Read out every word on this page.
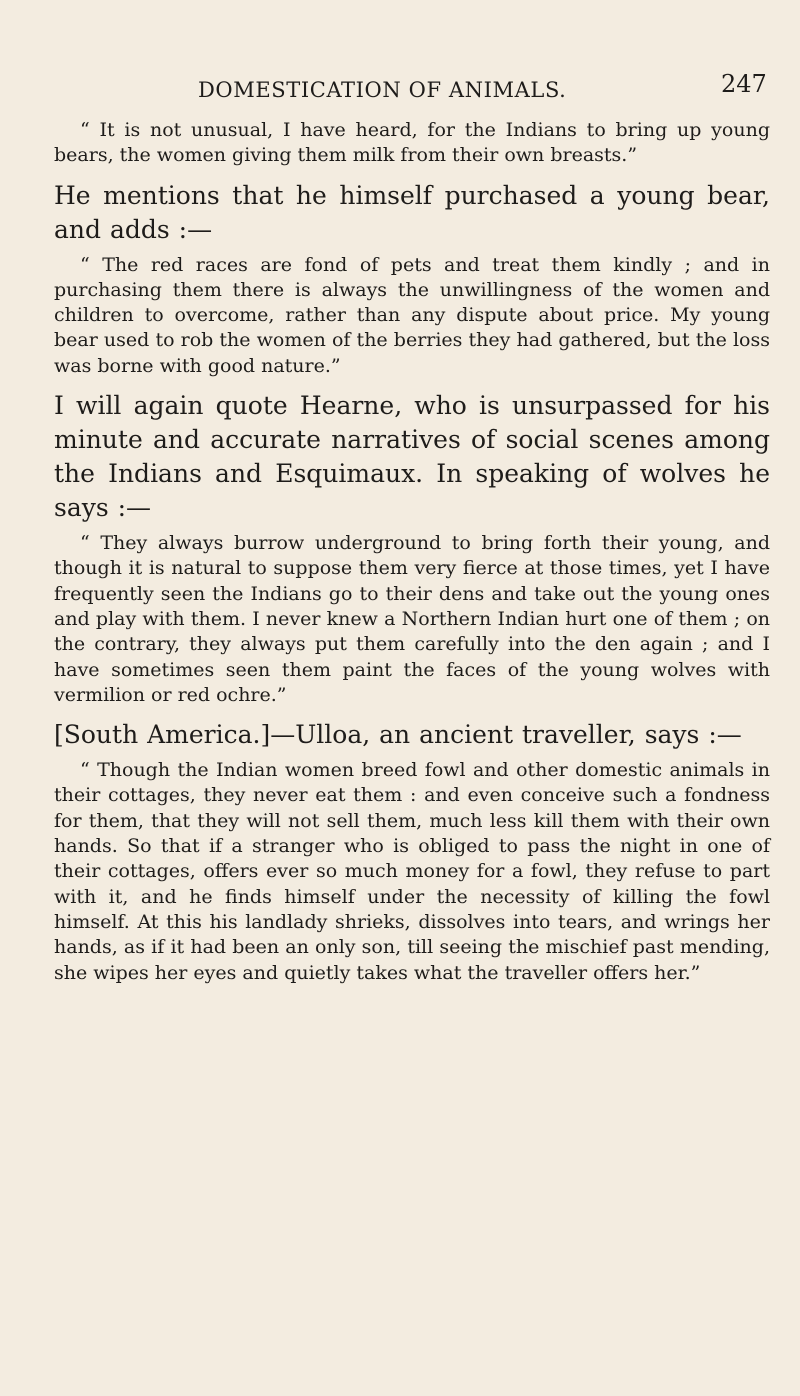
DOMESTICATION OF ANIMALS.	247

“ It is not unusual, I have heard, for the Indians to bring up young bears, the women giving them milk from their own breasts.”

He mentions that he himself purchased a young bear, and adds :—

“ The red races are fond of pets and treat them kindly ; and in purchasing them there is always the unwillingness of the women and children to overcome, rather than any dispute about price. My young bear used to rob the women of the berries they had gathered, but the loss was borne with good nature.”

I will again quote Hearne, who is unsurpassed for his minute and accurate narratives of social scenes among the Indians and Esquimaux. In speaking of wolves he says :—

“ They always burrow underground to bring forth their young, and though it is natural to suppose them very fierce at those times, yet I have frequently seen the Indians go to their dens and take out the young ones and play with them. I never knew a Northern Indian hurt one of them ; on the contrary, they always put them carefully into the den again ; and I have sometimes seen them paint the faces of the young wolves with vermilion or red ochre.”

[South America.]—Ulloa, an ancient traveller, says :—

“ Though the Indian women breed fowl and other domestic animals in their cottages, they never eat them : and even conceive such a fondness for them, that they will not sell them, much less kill them with their own hands. So that if a stranger who is obliged to pass the night in one of their cottages, offers ever so much money for a fowl, they refuse to part with it, and he finds himself under the necessity of killing the fowl himself. At this his landlady shrieks, dissolves into tears, and wrings her hands, as if it had been an only son, till seeing the mischief past mending, she wipes her eyes and quietly takes what the traveller offers her.”
